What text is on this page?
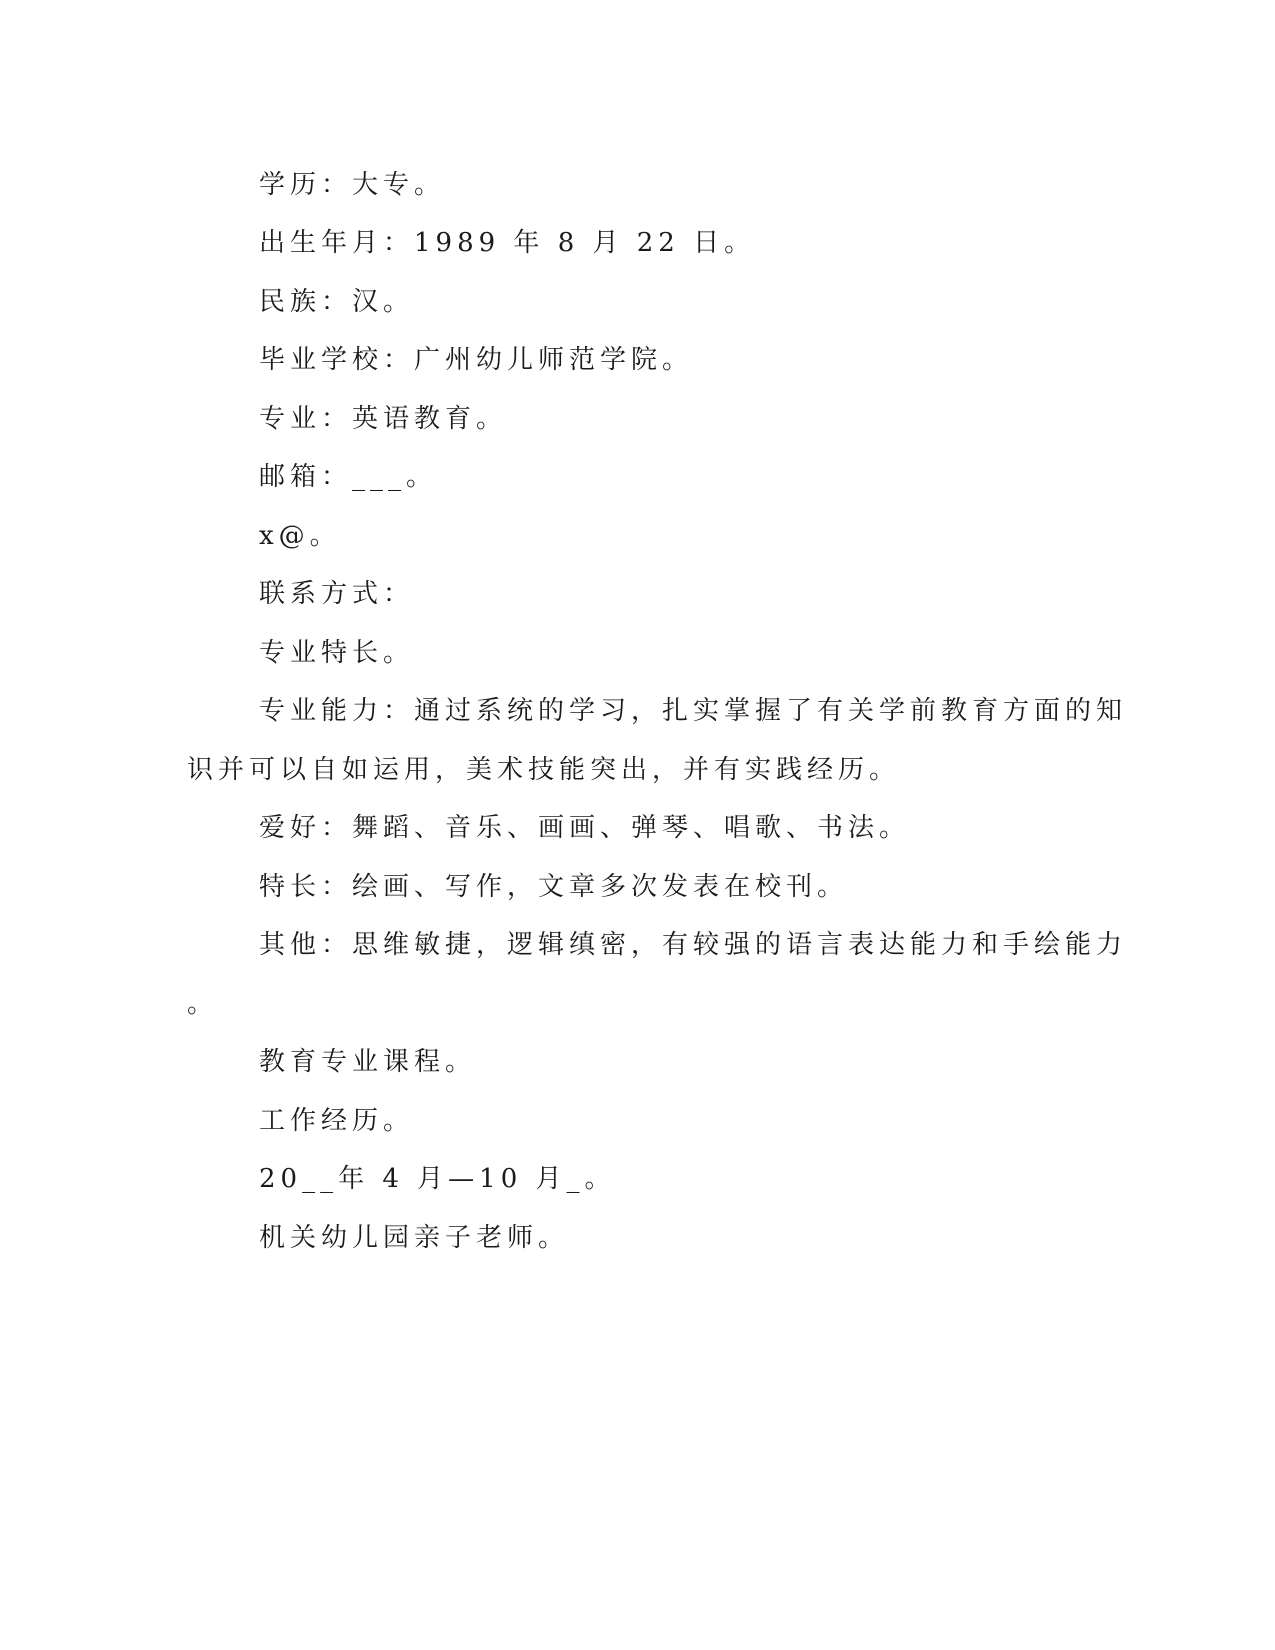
学历：大专。
出生年月：1989 年 8 月 22 日。
民族：汉。
毕业学校：广州幼儿师范学院。
专业：英语教育。
邮箱：___。
x@。
联系方式：
专业特长。
专业能力：通过系统的学习，扎实掌握了有关学前教育方面的知
识并可以自如运用，美术技能突出，并有实践经历。
爱好：舞蹈、音乐、画画、弹琴、唱歌、书法。
特长：绘画、写作，文章多次发表在校刊。
其他：思维敏捷，逻辑缜密，有较强的语言表达能力和手绘能力
。
教育专业课程。
工作经历。
20__年 4 月—10 月_。
机关幼儿园亲子老师。
